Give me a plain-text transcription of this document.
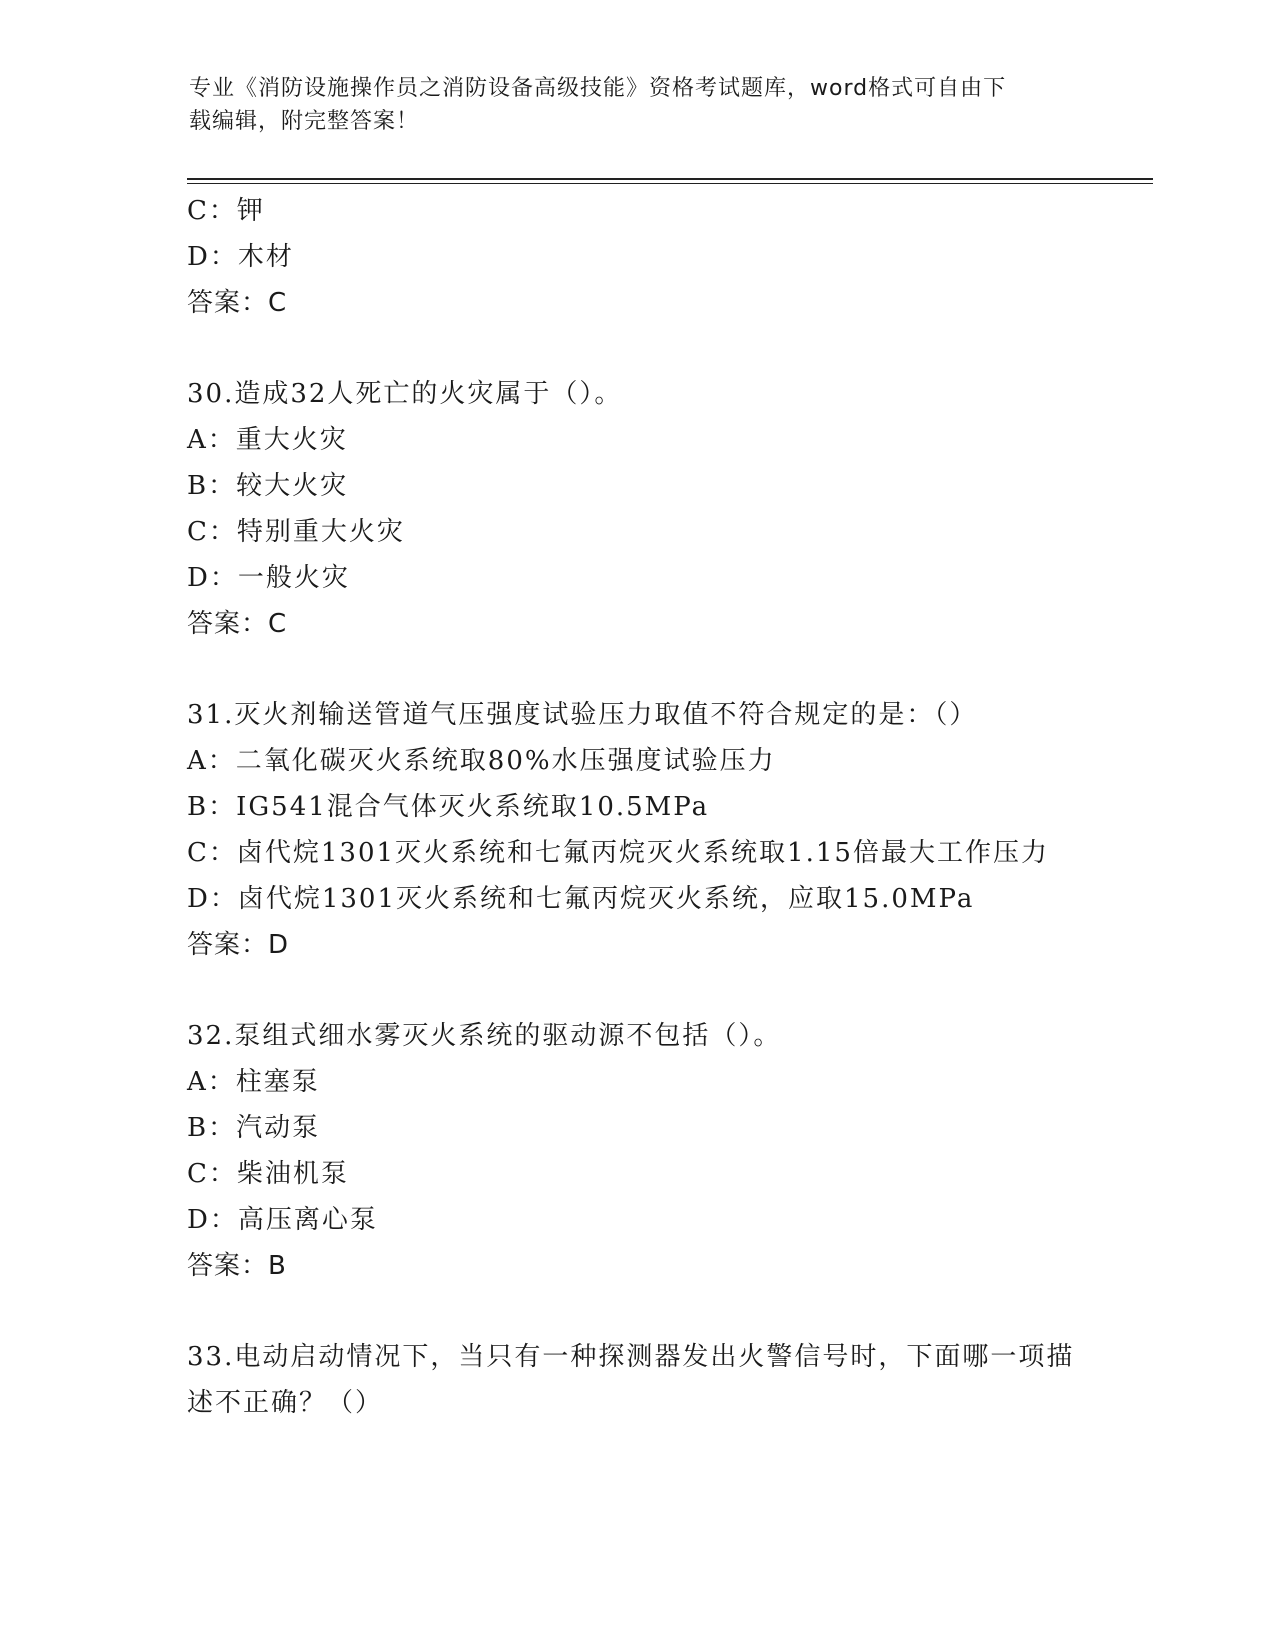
专业《消防设施操作员之消防设备高级技能》资格考试题库，word格式可自由下
载编辑，附完整答案！
C：钾
D：木材
答案：C
30.造成32人死亡的火灾属于（）。
A：重大火灾
B：较大火灾
C：特别重大火灾
D：一般火灾
答案：C
31.灭火剂输送管道气压强度试验压力取值不符合规定的是：（）
A：二氧化碳灭火系统取80%水压强度试验压力
B：IG541混合气体灭火系统取10.5MPa
C：卤代烷1301灭火系统和七氟丙烷灭火系统取1.15倍最大工作压力
D：卤代烷1301灭火系统和七氟丙烷灭火系统，应取15.0MPa
答案：D
32.泵组式细水雾灭火系统的驱动源不包括（）。
A：柱塞泵
B：汽动泵
C：柴油机泵
D：高压离心泵
答案：B
33.电动启动情况下，当只有一种探测器发出火警信号时，下面哪一项描述不正确？（）
